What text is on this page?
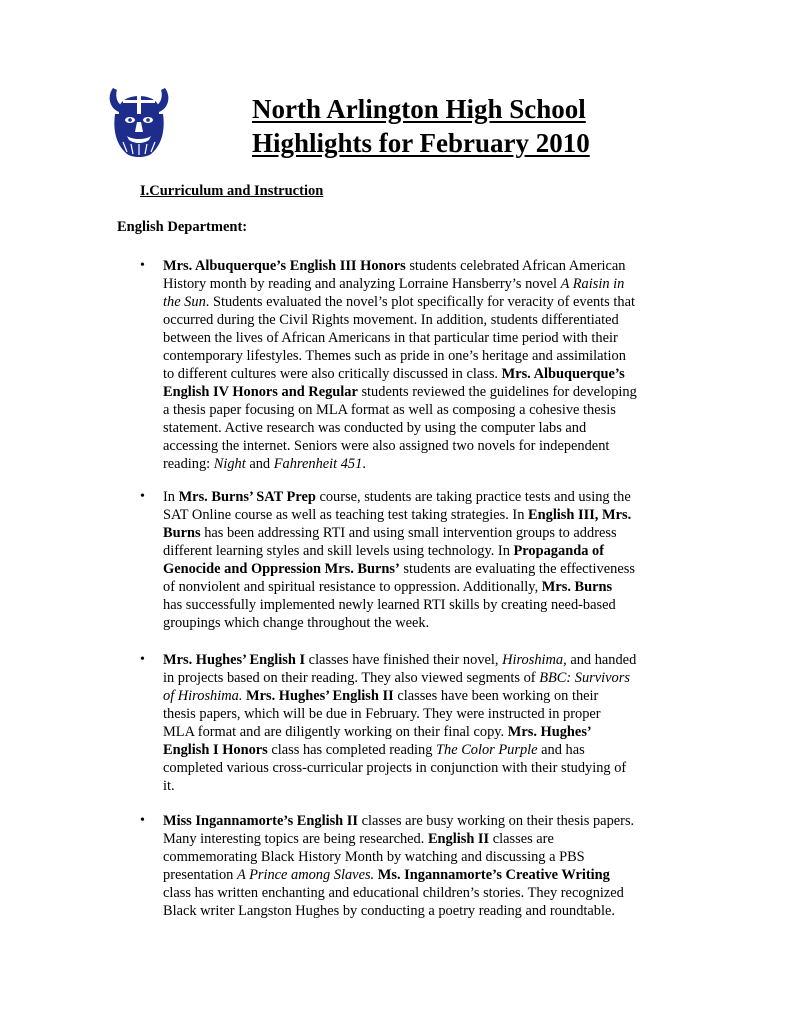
North Arlington High School
Highlights for February 2010
I.Curriculum and Instruction
English Department:

• Mrs. Albuquerque’s English III Honors students celebrated African American
History month by reading and analyzing Lorraine Hansberry’s novel A Raisin in
the Sun. Students evaluated the novel’s plot specifically for veracity of events that
occurred during the Civil Rights movement. In addition, students differentiated
between the lives of African Americans in that particular time period with their
contemporary lifestyles. Themes such as pride in one’s heritage and assimilation
to different cultures were also critically discussed in class. Mrs. Albuquerque’s
English IV Honors and Regular students reviewed the guidelines for developing
a thesis paper focusing on MLA format as well as composing a cohesive thesis
statement. Active research was conducted by using the computer labs and
accessing the internet. Seniors were also assigned two novels for independent
reading: Night and Fahrenheit 451.

• In Mrs. Burns’ SAT Prep course, students are taking practice tests and using the
SAT Online course as well as teaching test taking strategies. In English III, Mrs.
Burns has been addressing RTI and using small intervention groups to address
different learning styles and skill levels using technology. In Propaganda of
Genocide and Oppression Mrs. Burns’ students are evaluating the effectiveness
of nonviolent and spiritual resistance to oppression. Additionally, Mrs. Burns
has successfully implemented newly learned RTI skills by creating need-based
groupings which change throughout the week.

• Mrs. Hughes’ English I classes have finished their novel, Hiroshima, and handed
in projects based on their reading. They also viewed segments of BBC: Survivors
of Hiroshima. Mrs. Hughes’ English II classes have been working on their
thesis papers, which will be due in February. They were instructed in proper
MLA format and are diligently working on their final copy. Mrs. Hughes’
English I Honors class has completed reading The Color Purple and has
completed various cross-curricular projects in conjunction with their studying of
it.

• Miss Ingannamorte’s English II classes are busy working on their thesis papers.
Many interesting topics are being researched. English II classes are
commemorating Black History Month by watching and discussing a PBS
presentation A Prince among Slaves. Ms. Ingannamorte’s Creative Writing
class has written enchanting and educational children’s stories. They recognized
Black writer Langston Hughes by conducting a poetry reading and roundtable.
